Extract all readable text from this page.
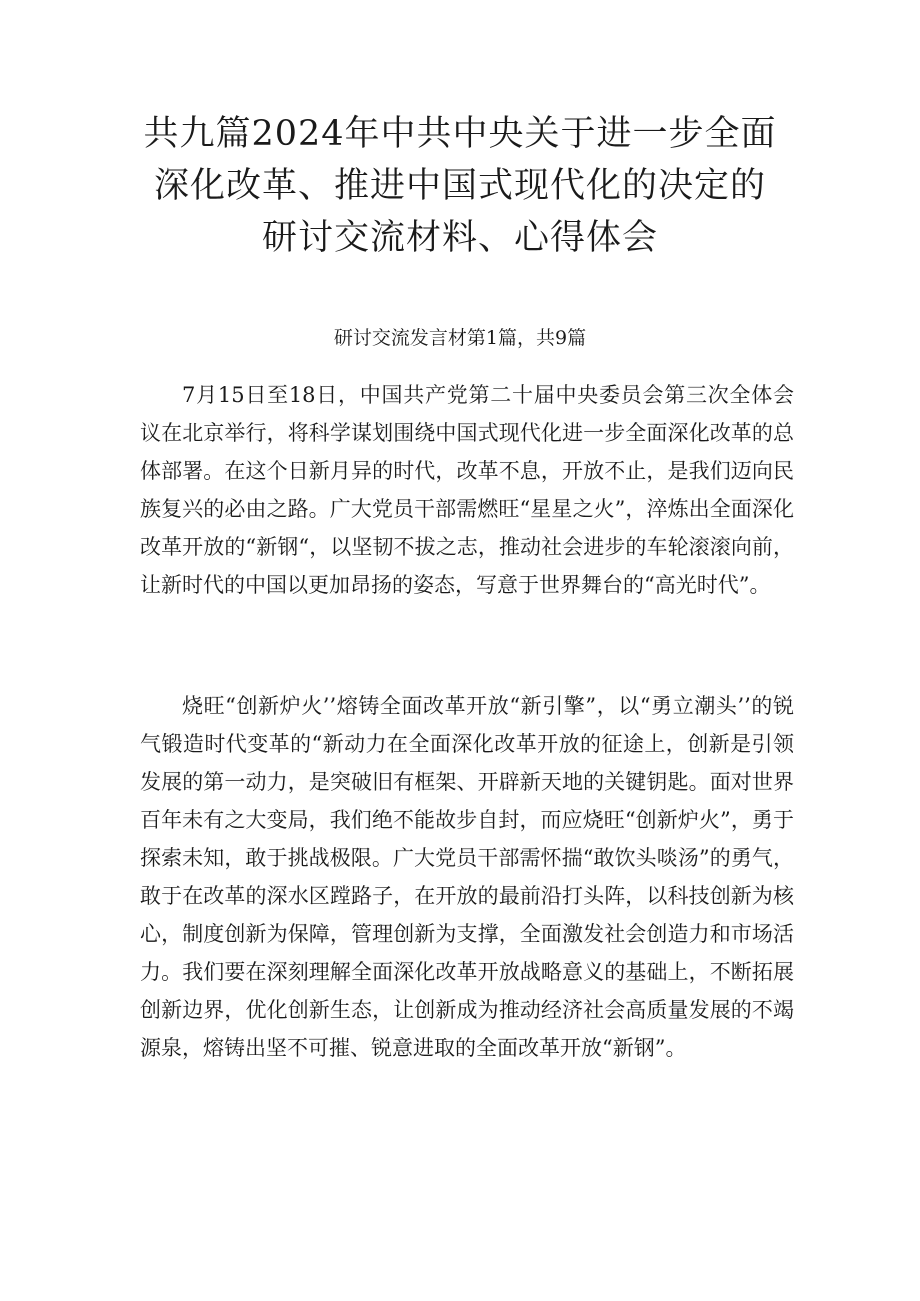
共九篇2024年中共中央关于进一步全面深化改革、推进中国式现代化的决定的研讨交流材料、心得体会
研讨交流发言材第1篇，共9篇

7月15日至18日，中国共产党第二十届中央委员会第三次全体会议在北京举行，将科学谋划围绕中国式现代化进一步全面深化改革的总体部署。在这个日新月异的时代，改革不息，开放不止，是我们迈向民族复兴的必由之路。广大党员干部需燃旺“星星之火”，淬炼出全面深化改革开放的“新钢“，以坚韧不拔之志，推动社会进步的车轮滚滚向前，让新时代的中国以更加昂扬的姿态，写意于世界舞台的“高光时代”。

烧旺“创新炉火’’熔铸全面改革开放“新引擎”，以“勇立潮头’’的锐气锻造时代变革的“新动力在全面深化改革开放的征途上，创新是引领发展的第一动力，是突破旧有框架、开辟新天地的关键钥匙。面对世界百年未有之大变局，我们绝不能故步自封，而应烧旺“创新炉火”，勇于探索未知，敢于挑战极限。广大党员干部需怀揣“敢饮头啖汤”的勇气，敢于在改革的深水区蹚路子，在开放的最前沿打头阵，以科技创新为核心，制度创新为保障，管理创新为支撑，全面激发社会创造力和市场活力。我们要在深刻理解全面深化改革开放战略意义的基础上，不断拓展创新边界，优化创新生态，让创新成为推动经济社会高质量发展的不竭源泉，熔铸出坚不可摧、锐意进取的全面改革开放“新钢”。
